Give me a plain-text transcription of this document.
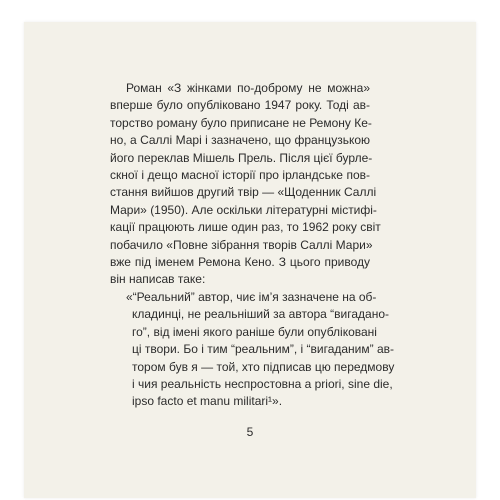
Роман «З жінками по-доброму не можна»
вперше було опубліковано 1947 року. Тоді ав-
торство роману було приписане не Ремону Ке-
но, а Саллі Марі і зазначено, що французькою
його переклав Мішель Прель. Після цієї бурле-
скної і дещо масної історії про ірландське пов-
стання вийшов другий твір — «Щоденник Саллі
Мари» (1950). Але оскільки літературні містифі-
кації працюють лише один раз, то 1962 року світ
побачило «Повне зібрання творів Саллі Мари»
вже під іменем Ремона Кено. З цього приводу
він написав таке:
«“Реальний” автор, чиє ім’я зазначене на об-
кладинці, не реальніший за автора “вигадано-
го”, від імені якого раніше були опубліковані
ці твори. Бо і тим “реальним”, і “вигаданим” ав-
тором був я — той, хто підписав цю передмову
і чия реальність неспростовна a priori, sine die,
ipso facto et manu militari¹».
5
